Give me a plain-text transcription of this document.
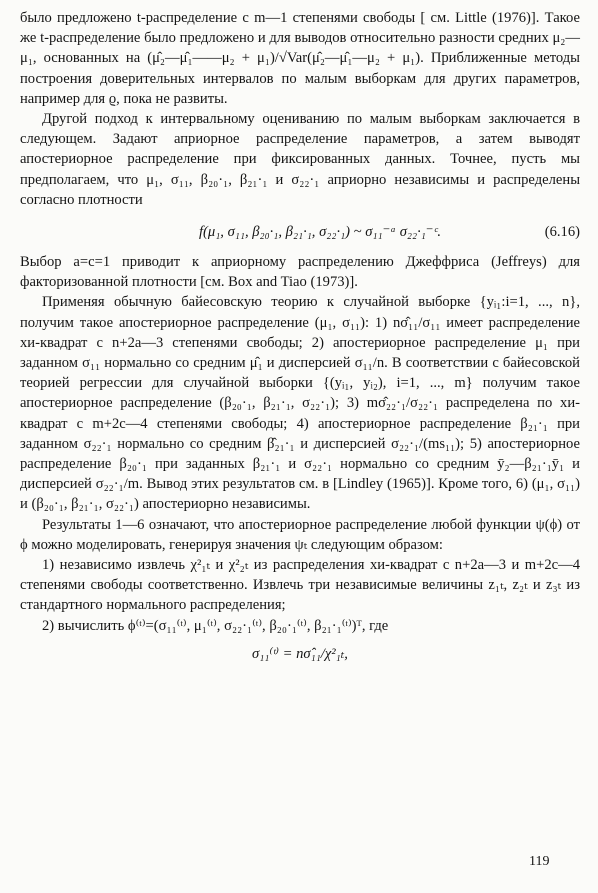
было предложено t-распределение с m—1 степенями свободы [ см. Little (1976)]. Такое же t-распределение было предложено и для выводов относительно разности средних μ₂—μ₁, основанных на (μ̂₂—μ̂₁——μ₂ + μ₁)/√Var(μ̂₂—μ̂₁—μ₂ + μ₁). Приближенные методы построения доверительных интервалов по малым выборкам для других параметров, например для ϱ, пока не развиты.

Другой подход к интервальному оцениванию по малым выборкам заключается в следующем. Задают априорное распределение параметров, а затем выводят апостериорное распределение при фиксированных данных. Точнее, пусть мы предполагаем, что μ₁, σ₁₁, β₂₀·₁, β₂₁·₁ и σ₂₂·₁ априорно независимы и распределены согласно плотности

f(μ₁, σ₁₁, β₂₀·₁, β₂₁·₁, σ₂₂·₁) ~ σ₁₁⁻ᵃ σ₂₂·₁⁻ᶜ.	(6.16)

Выбор a=c=1 приводит к априорному распределению Джеффриса (Jeffreys) для факторизованной плотности [см. Box and Tiao (1973)].

Применяя обычную байесовскую теорию к случайной выборке {yᵢ₁:i=1, ..., n}, получим такое апостериорное распределение (μ₁, σ₁₁): 1) nσ̂₁₁/σ₁₁ имеет распределение хи-квадрат с n+2a—3 степенями свободы; 2) апостериорное распределение μ₁ при заданном σ₁₁ нормально со средним μ̂₁ и дисперсией σ₁₁/n. В соответствии с байесовской теорией регрессии для случайной выборки {(yᵢ₁, yᵢ₂), i=1, ..., m} получим такое апостериорное распределение (β₂₀·₁, β₂₁·₁, σ₂₂·₁); 3) mσ̂₂₂·₁/σ₂₂·₁ распределена по хи-квадрат с m+2c—4 степенями свободы; 4) апостериорное распределение β₂₁·₁ при заданном σ₂₂·₁ нормально со средним β̂₂₁·₁ и дисперсией σ₂₂·₁/(ms₁₁); 5) апостериорное распределение β₂₀·₁ при заданных β₂₁·₁ и σ₂₂·₁ нормально со средним ȳ₂—β₂₁·₁ȳ₁ и дисперсией σ₂₂·₁/m. Вывод этих результатов см. в [Lindley (1965)]. Кроме того, 6) (μ₁, σ₁₁) и (β₂₀·₁, β₂₁·₁, σ₂₂·₁) апостериорно независимы.

Результаты 1—6 означают, что апостериорное распределение любой функции ψ(ϕ) от ϕ можно моделировать, генерируя значения ψₜ следующим образом:

1) независимо извлечь χ²₁ₜ и χ²₂ₜ из распределения хи-квадрат с n+2a—3 и m+2c—4 степенями свободы соответственно. Извлечь три независимые величины z₁ₜ, z₂ₜ и z₃ₜ из стандартного нормального распределения;

2) вычислить ϕ⁽ᵗ⁾=(σ₁₁⁽ᵗ⁾, μ₁⁽ᵗ⁾, σ₂₂·₁⁽ᵗ⁾, β₂₀·₁⁽ᵗ⁾, β₂₁·₁⁽ᵗ⁾)ᵀ, где

σ₁₁⁽ᵗ⁾ = nσ̂₁₁/χ²₁ₜ,
119
